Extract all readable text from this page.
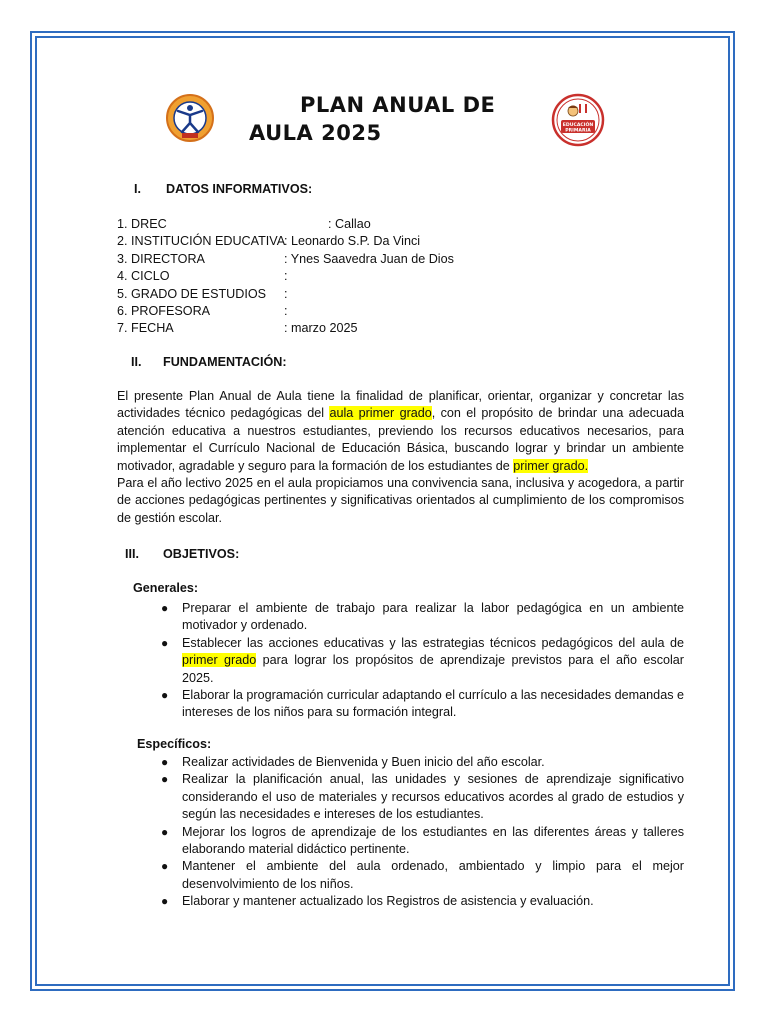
PLAN ANUAL DE
AULA 2025	EDUCACIÓN
PRIMARIA
I. DATOS INFORMATIVOS:
1. DREC	: Callao
2. INSTITUCIÓN EDUCATIVA
: Leonardo S.P. Da Vinci
3. DIRECTORA	: Ynes Saavedra Juan de Dios
4. CICLO	:
5. GRADO DE ESTUDIOS :
6. PROFESORA	:
7. FECHA	: marzo 2025
II. FUNDAMENTACIÓN:

El presente Plan Anual de Aula tiene la finalidad de planificar, orientar, organizar y concretar las actividades técnico pedagógicas del aula primer grado, con el propósito de brindar una adecuada atención educativa a nuestros estudiantes, previendo los recursos educativos necesarios, para implementar el Currículo Nacional de Educación Básica, buscando lograr y brindar un ambiente motivador, agradable y seguro para la formación de los estudiantes de primer grado.

Para el año lectivo 2025 en el aula propiciamos una convivencia sana, inclusiva y acogedora, a partir de acciones pedagógicas pertinentes y significativas orientados al cumplimiento de los compromisos de gestión escolar.

III. OBJETIVOS:
Generales:
● Preparar el ambiente de trabajo para realizar la labor pedagógica en un ambiente motivador y ordenado.
● Establecer las acciones educativas y las estrategias técnicos pedagógicos del aula de primer grado para lograr los propósitos de aprendizaje previstos para el año escolar 2025.
● Elaborar la programación curricular adaptando el currículo a las necesidades demandas e intereses de los niños para su formación integral.
Específicos:
● Realizar actividades de Bienvenida y Buen inicio del año escolar.
● Realizar la planificación anual, las unidades y sesiones de aprendizaje significativo considerando el uso de materiales y recursos educativos acordes al grado de estudios y según las necesidades e intereses de los estudiantes.
● Mejorar los logros de aprendizaje de los estudiantes en las diferentes áreas y talleres elaborando material didáctico pertinente.
● Mantener el ambiente del aula ordenado, ambientado y limpio para el mejor desenvolvimiento de los niños.
● Elaborar y mantener actualizado los Registros de asistencia y evaluación.
